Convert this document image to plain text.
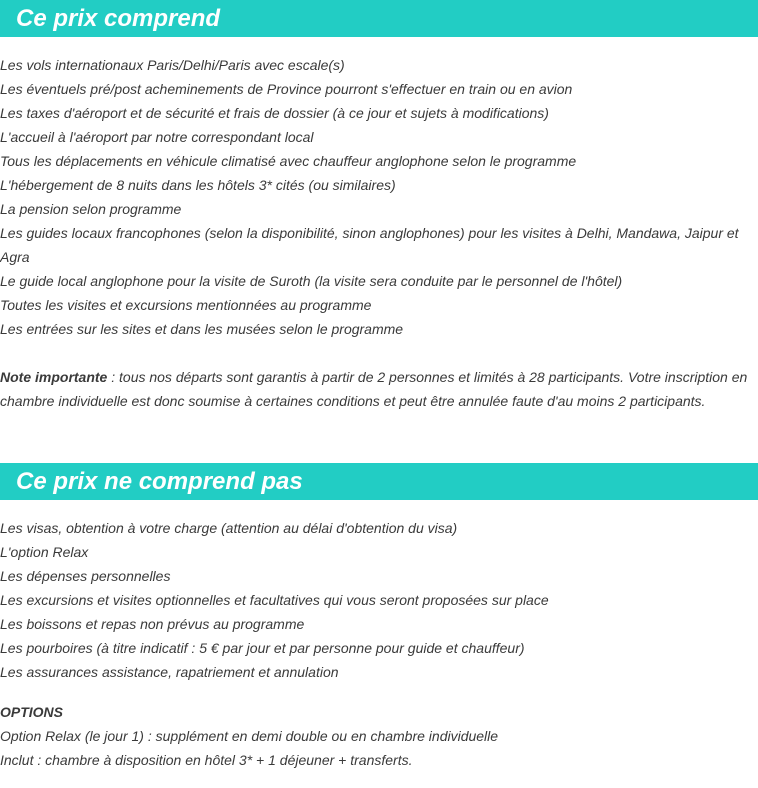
Ce prix comprend
Les vols internationaux Paris/Delhi/Paris avec escale(s)
Les éventuels pré/post acheminements de Province pourront s'effectuer en train ou en avion
Les taxes d'aéroport et de sécurité et frais de dossier (à ce jour et sujets à modifications)
L'accueil à l'aéroport par notre correspondant local
Tous les déplacements en véhicule climatisé avec chauffeur anglophone selon le programme
L'hébergement de 8 nuits dans les hôtels 3* cités (ou similaires)
La pension selon programme
Les guides locaux francophones (selon la disponibilité, sinon anglophones) pour les visites à Delhi, Mandawa, Jaipur et Agra
Le guide local anglophone pour la visite de Suroth (la visite sera conduite par le personnel de l'hôtel)
Toutes les visites et excursions mentionnées au programme
Les entrées sur les sites et dans les musées selon le programme

Note importante : tous nos départs sont garantis à partir de 2 personnes et limités à 28 participants. Votre inscription en chambre individuelle est donc soumise à certaines conditions et peut être annulée faute d'au moins 2 participants.

Ce prix ne comprend pas
Les visas, obtention à votre charge (attention au délai d'obtention du visa)
L'option Relax
Les dépenses personnelles
Les excursions et visites optionnelles et facultatives qui vous seront proposées sur place
Les boissons et repas non prévus au programme
Les pourboires (à titre indicatif : 5 € par jour et par personne pour guide et chauffeur)
Les assurances assistance, rapatriement et annulation

OPTIONS

Option Relax (le jour 1) : supplément en demi double ou en chambre individuelle

Inclut : chambre à disposition en hôtel 3* + 1 déjeuner + transferts.
